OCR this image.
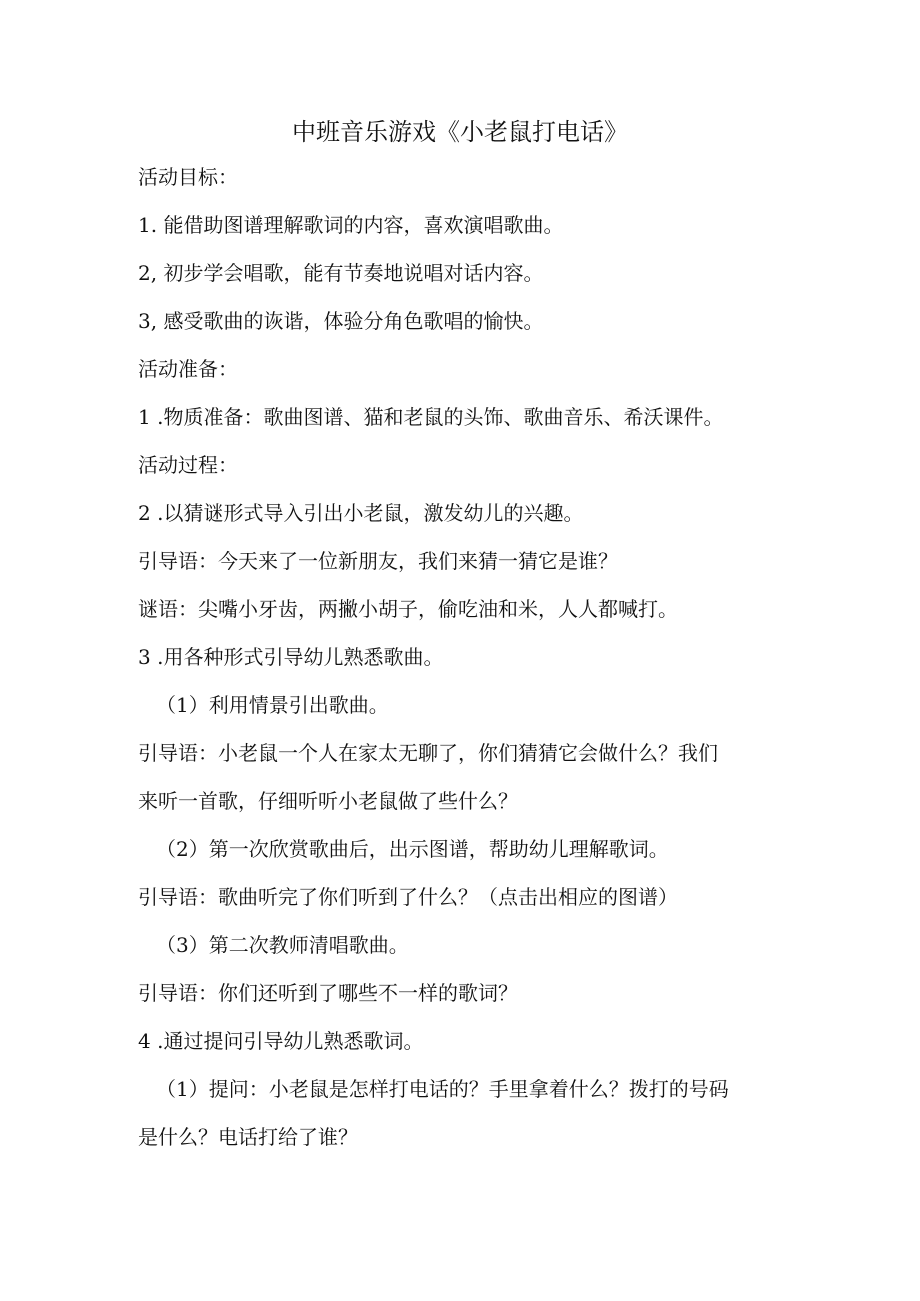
中班音乐游戏《小老鼠打电话》
活动目标：
1. 能借助图谱理解歌词的内容，喜欢演唱歌曲。
2, 初步学会唱歌，能有节奏地说唱对话内容。
3, 感受歌曲的诙谐，体验分角色歌唱的愉快。
活动准备：
1 .物质准备：歌曲图谱、猫和老鼠的头饰、歌曲音乐、希沃课件。
活动过程：
2 .以猜谜形式导入引出小老鼠，激发幼儿的兴趣。
引导语：今天来了一位新朋友，我们来猜一猜它是谁？
谜语：尖嘴小牙齿，两撇小胡子，偷吃油和米，人人都喊打。
3 .用各种形式引导幼儿熟悉歌曲。
（1）利用情景引出歌曲。
引导语：小老鼠一个人在家太无聊了，你们猜猜它会做什么？我们
来听一首歌，仔细听听小老鼠做了些什么？
（2）第一次欣赏歌曲后，出示图谱，帮助幼儿理解歌词。
引导语：歌曲听完了你们听到了什么？（点击出相应的图谱）
（3）第二次教师清唱歌曲。
引导语：你们还听到了哪些不一样的歌词？
4 .通过提问引导幼儿熟悉歌词。
（1）提问：小老鼠是怎样打电话的？手里拿着什么？拨打的号码
是什么？电话打给了谁？
